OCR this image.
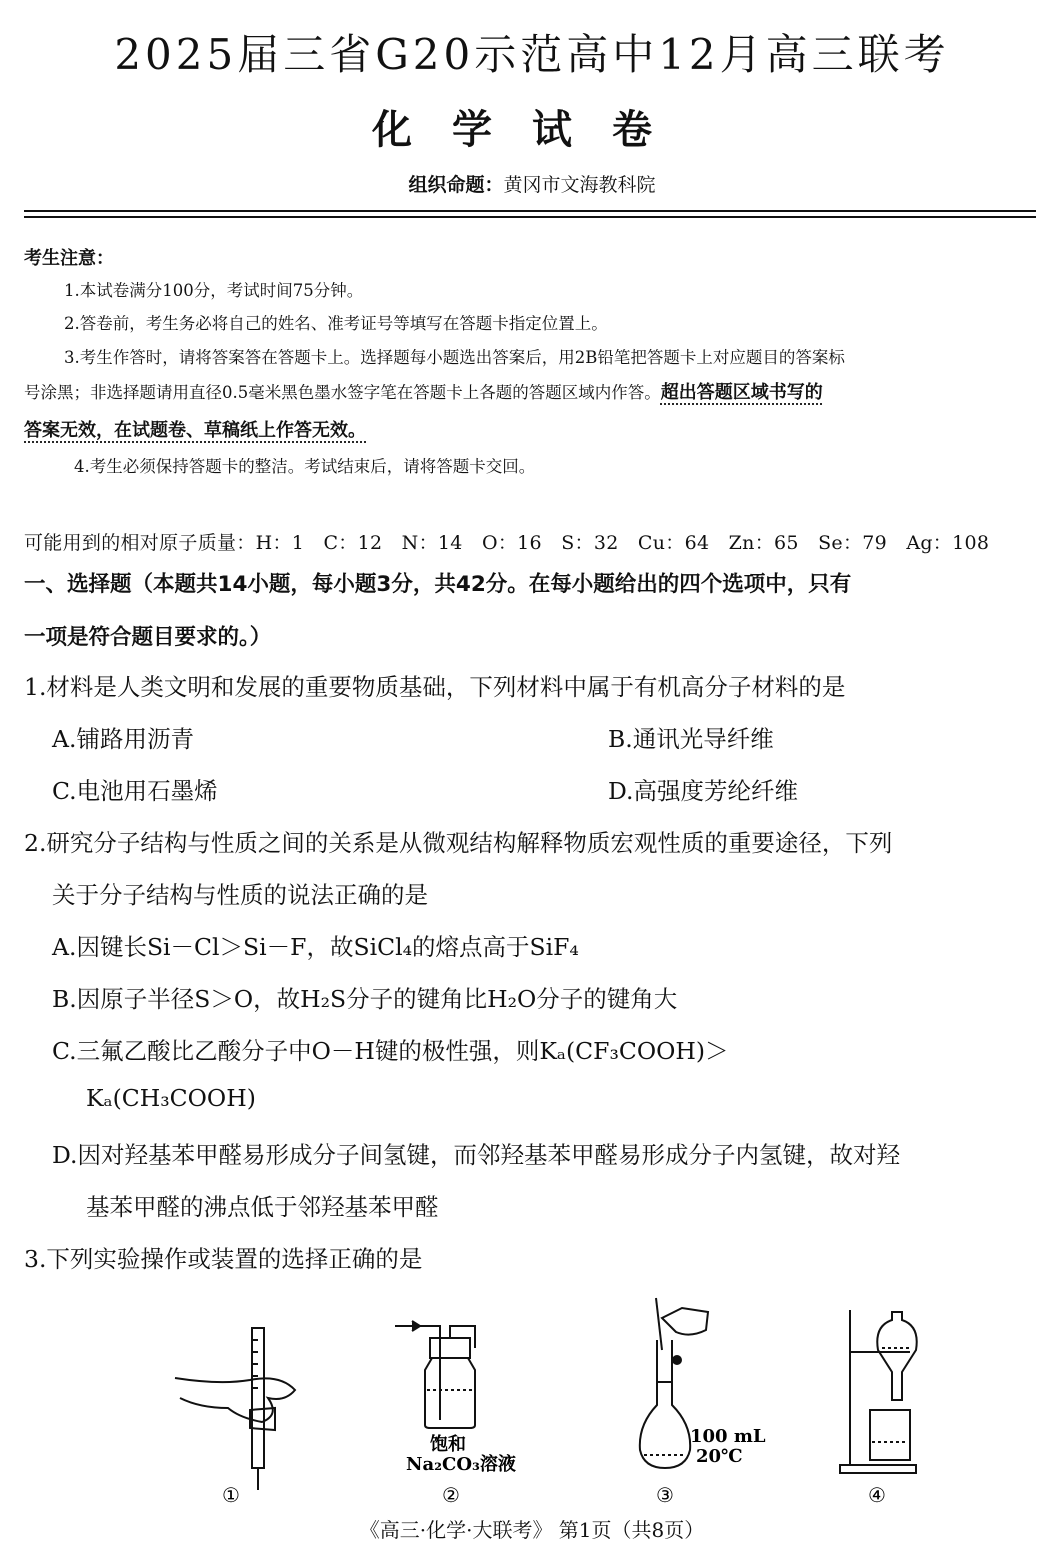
2025届三省G20示范高中12月高三联考
化学试卷
组织命题：黄冈市文海教科院
考生注意：
1.本试卷满分100分，考试时间75分钟。
2.答卷前，考生务必将自己的姓名、准考证号等填写在答题卡指定位置上。
3.考生作答时，请将答案答在答题卡上。选择题每小题选出答案后，用2B铅笔把答题卡上对应题目的答案标
号涂黑；非选择题请用直径0.5毫米黑色墨水签字笔在答题卡上各题的答题区域内作答。超出答题区域书写的
答案无效，在试题卷、草稿纸上作答无效。
4.考生必须保持答题卡的整洁。考试结束后，请将答题卡交回。
可能用到的相对原子质量：H：1　C：12　N：14　O：16　S：32　Cu：64　Zn：65　Se：79　Ag：108
一、选择题（本题共14小题，每小题3分，共42分。在每小题给出的四个选项中，只有
一项是符合题目要求的。）
1.材料是人类文明和发展的重要物质基础，下列材料中属于有机高分子材料的是
A.铺路用沥青	B.通讯光导纤维
C.电池用石墨烯	D.高强度芳纶纤维
2.研究分子结构与性质之间的关系是从微观结构解释物质宏观性质的重要途径，下列
关于分子结构与性质的说法正确的是
A.因键长Si－Cl＞Si－F，故SiCl₄的熔点高于SiF₄
B.因原子半径S＞O，故H₂S分子的键角比H₂O分子的键角大
C.三氟乙酸比乙酸分子中O－H键的极性强，则Kₐ(CF₃COOH)＞
Kₐ(CH₃COOH)
D.因对羟基苯甲醛易形成分子间氢键，而邻羟基苯甲醛易形成分子内氢键，故对羟
基苯甲醛的沸点低于邻羟基苯甲醛
3.下列实验操作或装置的选择正确的是
饱和
Na₂CO₃溶液
100 mL
20℃
①	②	③	④
《高三·化学·大联考》 第1页（共8页）
